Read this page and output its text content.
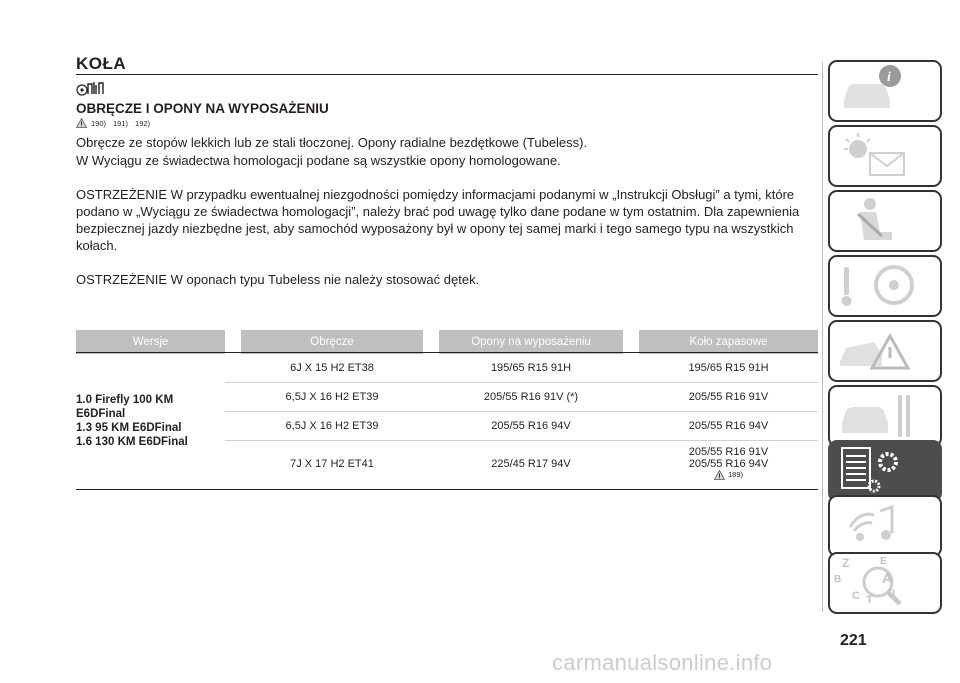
KOŁA
OBRĘCZE I OPONY NA WYPOSAŻENIU
190) 191) 192)
Obręcze ze stopów lekkich lub ze stali tłoczonej. Opony radialne bezdętkowe (Tubeless).
W Wyciągu ze świadectwa homologacji podane są wszystkie opony homologowane.
OSTRZEŻENIE W przypadku ewentualnej niezgodności pomiędzy informacjami podanymi w „Instrukcji Obsługi” a tymi, które podano w „Wyciągu ze świadectwa homologacji”, należy brać pod uwagę tylko dane podane w tym ostatnim. Dla zapewnienia bezpiecznej jazdy niezbędne jest, aby samochód wyposażony był w opony tej samej marki i tego samego typu na wszystkich kołach.
OSTRZEŻENIE W oponach typu Tubeless nie należy stosować dętek.
Wersje		Obręcze		Opony na wyposażeniu		Koło zapasowe

1.0 Firefly 100 KM
E6DFinal
1.3 95 KM E6DFinal
1.6 130 KM E6DFinal		6J X 15 H2 ET38		195/65 R15 91H		195/65 R15 91H
		6,5J X 16 H2 ET39		205/55 R16 91V (*)		205/55 R16 91V
		6,5J X 16 H2 ET39		205/55 R16 94V		205/55 R16 94V
		7J X 17 H2 ET41		225/45 R17 94V		205/55 R16 91V
205/55 R16 94V
189)
i
Z	E
B	A
C T
D
221
carmanualsonline.info
